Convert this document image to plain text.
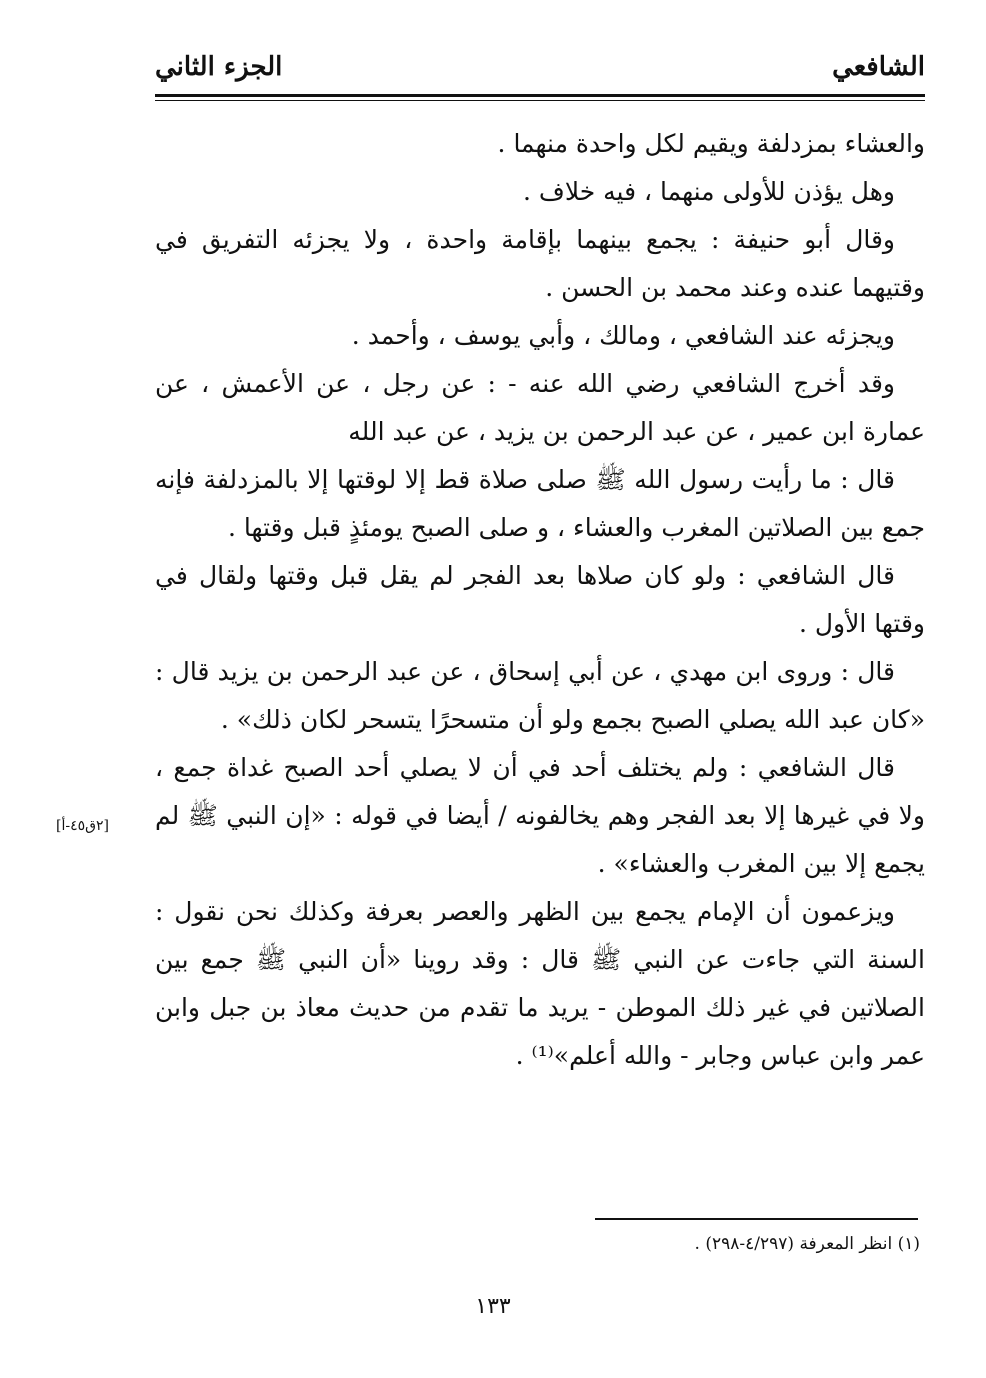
الشافعي
الجزء الثاني

والعشاء بمزدلفة ويقيم لكل واحدة منهما .

وهل يؤذن للأولى منهما ، فيه خلاف .

وقال أبو حنيفة : يجمع بينهما بإقامة واحدة ، ولا يجزئه التفريق في وقتيهما عنده وعند محمد بن الحسن .

ويجزئه عند الشافعي ، ومالك ، وأبي يوسف ، وأحمد .

وقد أخرج الشافعي رضي الله عنه - : عن رجل ، عن الأعمش ، عن عمارة ابن عمير ، عن عبد الرحمن بن يزيد ، عن عبد الله

قال : ما رأيت رسول الله ﷺ صلى صلاة قط إلا لوقتها إلا بالمزدلفة فإنه جمع بين الصلاتين المغرب والعشاء ، و صلى الصبح يومئذٍ قبل وقتها .

قال الشافعي : ولو كان صلاها بعد الفجر لم يقل قبل وقتها ولقال في وقتها الأول .

قال : وروى ابن مهدي ، عن أبي إسحاق ، عن عبد الرحمن بن يزيد قال : «كان عبد الله يصلي الصبح بجمع ولو أن متسحرًا يتسحر لكان ذلك» .

قال الشافعي : ولم يختلف أحد في أن لا يصلي أحد الصبح غداة جمع ، ولا في غيرها إلا بعد الفجر وهم يخالفونه / أيضا في قوله : «إن النبي ﷺ لم يجمع إلا بين المغرب والعشاء» .

ويزعمون أن الإمام يجمع بين الظهر والعصر بعرفة وكذلك نحن نقول : السنة التي جاءت عن النبي ﷺ قال : وقد روينا «أن النبي ﷺ جمع بين الصلاتين في غير ذلك الموطن - يريد ما تقدم من حديث معاذ بن جبل وابن عمر وابن عباس وجابر - والله أعلم»⁽¹⁾ .

[٢ق٤٥-أ]
(١) انظر المعرفة (٤/٢٩٧-٢٩٨) .
١٣٣
